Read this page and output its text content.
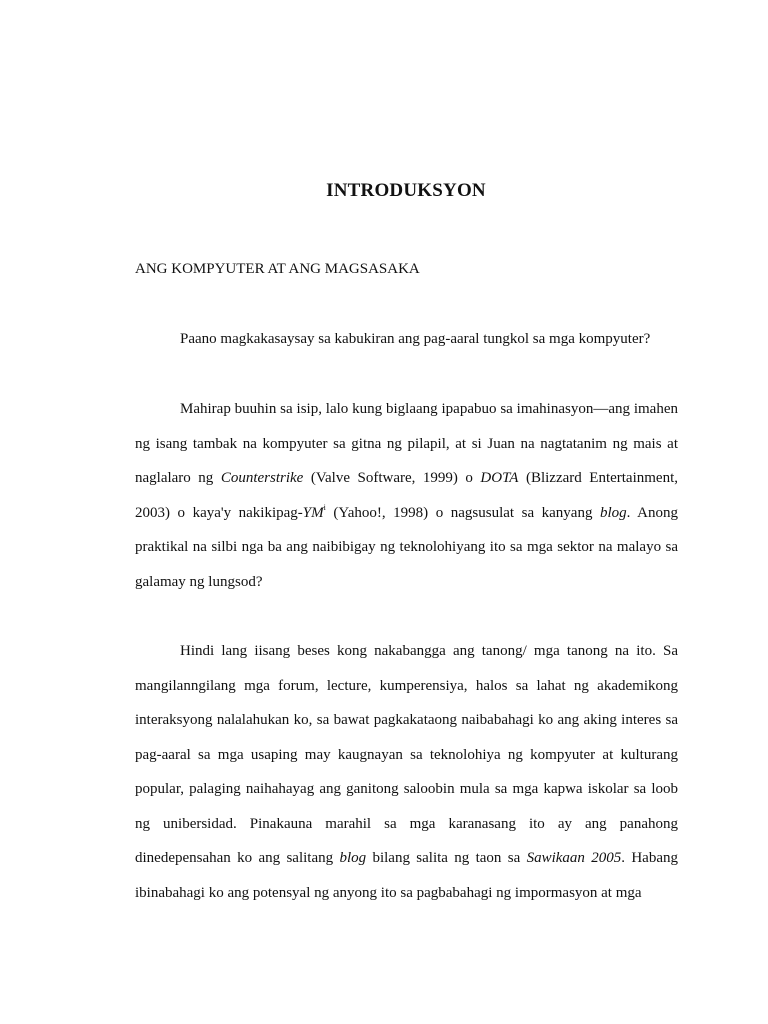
INTRODUKSYON
ANG KOMPYUTER AT ANG MAGSASAKA

Paano magkakasaysay sa kabukiran ang pag-aaral tungkol sa mga kompyuter?

Mahirap buuhin sa isip, lalo kung biglaang ipapabuo sa imahinasyon—ang imahen ng isang tambak na kompyuter sa gitna ng pilapil, at si Juan na nagtatanim ng mais at naglalaro ng Counterstrike (Valve Software, 1999) o DOTA (Blizzard Entertainment, 2003) o kaya'y nakikipag-$YM^i$ (Yahoo!, 1998) o nagsusulat sa kanyang blog. Anong praktikal na silbi nga ba ang naibibigay ng teknolohiyang ito sa mga sektor na malayo sa galamay ng lungsod?

Hindi lang iisang beses kong nakabangga ang tanong/ mga tanong na ito. Sa mangilanngilang mga forum, lecture, kumperensiya, halos sa lahat ng akademikong interaksyong nalalahukan ko, sa bawat pagkakataong naibabahagi ko ang aking interes sa pag-aaral sa mga usaping may kaugnayan sa teknolohiya ng kompyuter at kulturang popular, palaging naihahayag ang ganitong saloobin mula sa mga kapwa iskolar sa loob ng unibersidad. Pinakauna marahil sa mga karanasang ito ay ang panahong dinedepensahan ko ang salitang blog bilang salita ng taon sa Sawikaan 2005. Habang ibinabahagi ko ang potensyal ng anyong ito sa pagbabahagi ng impormasyon at mga
